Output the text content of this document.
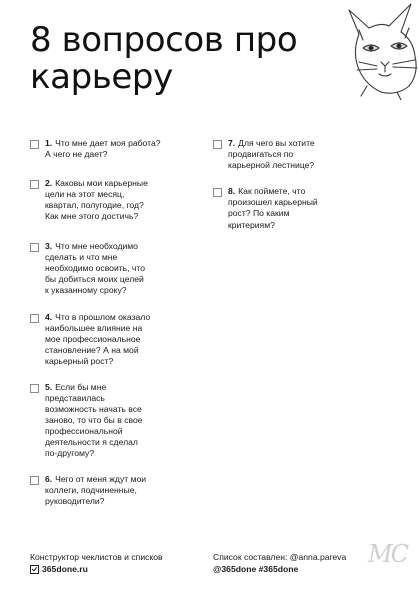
8 вопросов про
карьеру
1. Что мне дает моя работа?
А чего не дает?
2. Каковы мои карьерные
цели на этот месяц,
квартал, полугодие, год?
Как мне этого достичь?
3. Что мне необходимо
сделать и что мне
необходимо освоить, что
бы добиться моих целей
к указанному сроку?
4. Что в прошлом оказало
наибольшее влияние на
мое профессиональное
становление? А на мой
карьерный рост?
5. Если бы мне
представилась
возможность начать все
заново, то что бы в свое
профессиональной
деятельности я сделал
по-другому?
6. Чего от меня ждут мои
коллеги, подчиненные,
руководители?
7. Для чего вы хотите
продвигаться по
карьерной лестнице?
8. Как поймете, что
произошел карьерный
рост? По каким
критериям?
Конструктор чеклистов и списков
365done.ru
Список составлен: @anna.pareva
@365done #365done
MC
